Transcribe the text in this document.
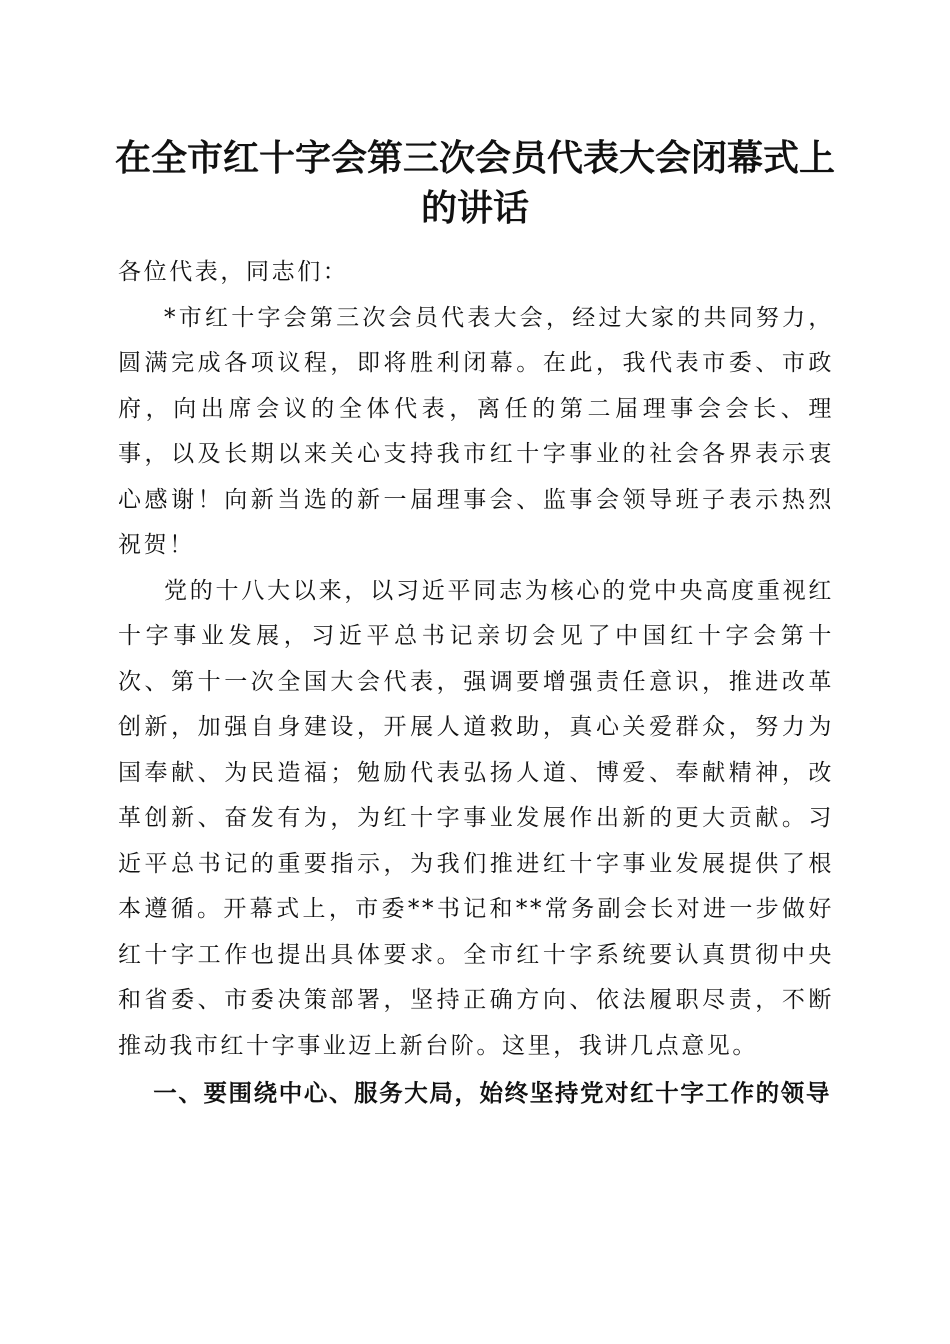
在全市红十字会第三次会员代表大会闭幕式上的讲话

各位代表，同志们：

*市红十字会第三次会员代表大会，经过大家的共同努力，圆满完成各项议程，即将胜利闭幕。在此，我代表市委、市政府，向出席会议的全体代表，离任的第二届理事会会长、理事，以及长期以来关心支持我市红十字事业的社会各界表示衷心感谢！向新当选的新一届理事会、监事会领导班子表示热烈祝贺！

党的十八大以来，以习近平同志为核心的党中央高度重视红十字事业发展，习近平总书记亲切会见了中国红十字会第十次、第十一次全国大会代表，强调要增强责任意识，推进改革创新，加强自身建设，开展人道救助，真心关爱群众，努力为国奉献、为民造福；勉励代表弘扬人道、博爱、奉献精神，改革创新、奋发有为，为红十字事业发展作出新的更大贡献。习近平总书记的重要指示，为我们推进红十字事业发展提供了根本遵循。开幕式上，市委**书记和**常务副会长对进一步做好红十字工作也提出具体要求。全市红十字系统要认真贯彻中央和省委、市委决策部署，坚持正确方向、依法履职尽责，不断推动我市红十字事业迈上新台阶。这里，我讲几点意见。

一、要围绕中心、服务大局，始终坚持党对红十字工作的领导
